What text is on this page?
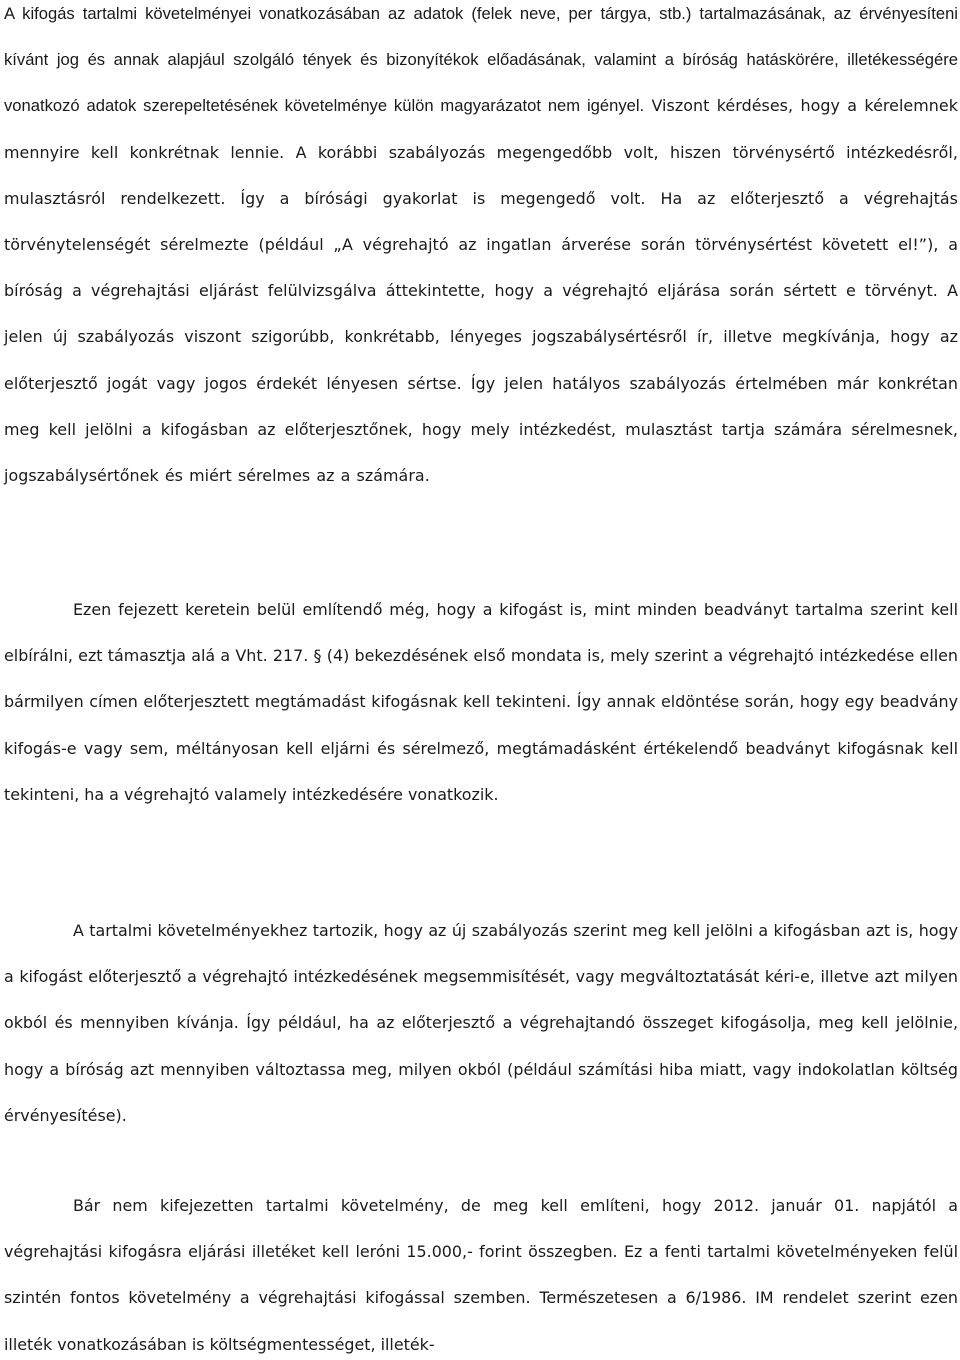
A kifogás tartalmi követelményei vonatkozásában az adatok (felek neve, per tárgya, stb.) tartalmazásának, az érvényesíteni kívánt jog és annak alapjául szolgáló tények és bizonyítékok előadásának, valamint a bíróság hatáskörére, illetékességére vonatkozó adatok szerepeltetésének követelménye külön magyarázatot nem igényel. Viszont kérdéses, hogy a kérelemnek mennyire kell konkrétnak lennie. A korábbi szabályozás megengedőbb volt, hiszen törvénysértő intézkedésről, mulasztásról rendelkezett. Így a bírósági gyakorlat is megengedő volt. Ha az előterjesztő a végrehajtás törvénytelenségét sérelmezte (például „A végrehajtó az ingatlan árverése során törvénysértést követett el!”), a bíróság a végrehajtási eljárást felülvizsgálva áttekintette, hogy a végrehajtó eljárása során sértett e törvényt. A jelen új szabályozás viszont szigorúbb, konkrétabb, lényeges jogszabálysértésről ír, illetve megkívánja, hogy az előterjesztő jogát vagy jogos érdekét lényesen sértse. Így jelen hatályos szabályozás értelmében már konkrétan meg kell jelölni a kifogásban az előterjesztőnek, hogy mely intézkedést, mulasztást tartja számára sérelmesnek, jogszabálysértőnek és miért sérelmes az a számára.

Ezen fejezett keretein belül említendő még, hogy a kifogást is, mint minden beadványt tartalma szerint kell elbírálni, ezt támasztja alá a Vht. 217. § (4) bekezdésének első mondata is, mely szerint a végrehajtó intézkedése ellen bármilyen címen előterjesztett megtámadást kifogásnak kell tekinteni. Így annak eldöntése során, hogy egy beadvány kifogás-e vagy sem, méltányosan kell eljárni és sérelmező, megtámadásként értékelendő beadványt kifogásnak kell tekinteni, ha a végrehajtó valamely intézkedésére vonatkozik.

A tartalmi követelményekhez tartozik, hogy az új szabályozás szerint meg kell jelölni a kifogásban azt is, hogy a kifogást előterjesztő a végrehajtó intézkedésének megsemmisítését, vagy megváltoztatását kéri-e, illetve azt milyen okból és mennyiben kívánja. Így például, ha az előterjesztő a végrehajtandó összeget kifogásolja, meg kell jelölnie, hogy a bíróság azt mennyiben változtassa meg, milyen okból (például számítási hiba miatt, vagy indokolatlan költség érvényesítése).

Bár nem kifejezetten tartalmi követelmény, de meg kell említeni, hogy 2012. január 01. napjától a végrehajtási kifogásra eljárási illetéket kell leróni 15.000,- forint összegben. Ez a fenti tartalmi követelményeken felül szintén fontos követelmény a végrehajtási kifogással szemben. Természetesen a 6/1986. IM rendelet szerint ezen illeték vonatkozásában is költségmentességet, illeték-
